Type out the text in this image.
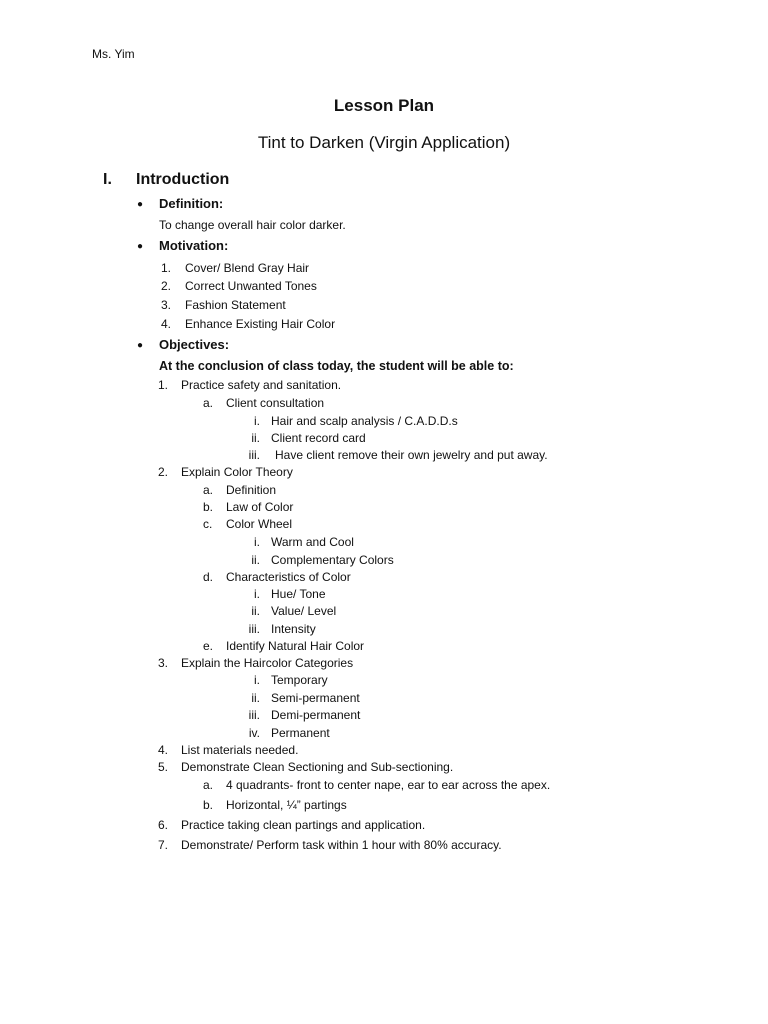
Ms. Yim
Lesson Plan
Tint to Darken (Virgin Application)
I. Introduction
● Definition:
To change overall hair color darker.
● Motivation:
1. Cover/ Blend Gray Hair
2. Correct Unwanted Tones
3. Fashion Statement
4. Enhance Existing Hair Color
● Objectives:
At the conclusion of class today, the student will be able to:
1. Practice safety and sanitation.
a. Client consultation
i. Hair and scalp analysis / C.A.D.D.s
ii. Client record card
iii. Have client remove their own jewelry and put away.
2. Explain Color Theory
a. Definition
b. Law of Color
c. Color Wheel
i. Warm and Cool
ii. Complementary Colors
d. Characteristics of Color
i. Hue/ Tone
ii. Value/ Level
iii. Intensity
e. Identify Natural Hair Color
3. Explain the Haircolor Categories
i. Temporary
ii. Semi-permanent
iii. Demi-permanent
iv. Permanent
4. List materials needed.
5. Demonstrate Clean Sectioning and Sub-sectioning.
a. 4 quadrants- front to center nape, ear to ear across the apex.
b. Horizontal, ¼” partings
6. Practice taking clean partings and application.
7. Demonstrate/ Perform task within 1 hour with 80% accuracy.
